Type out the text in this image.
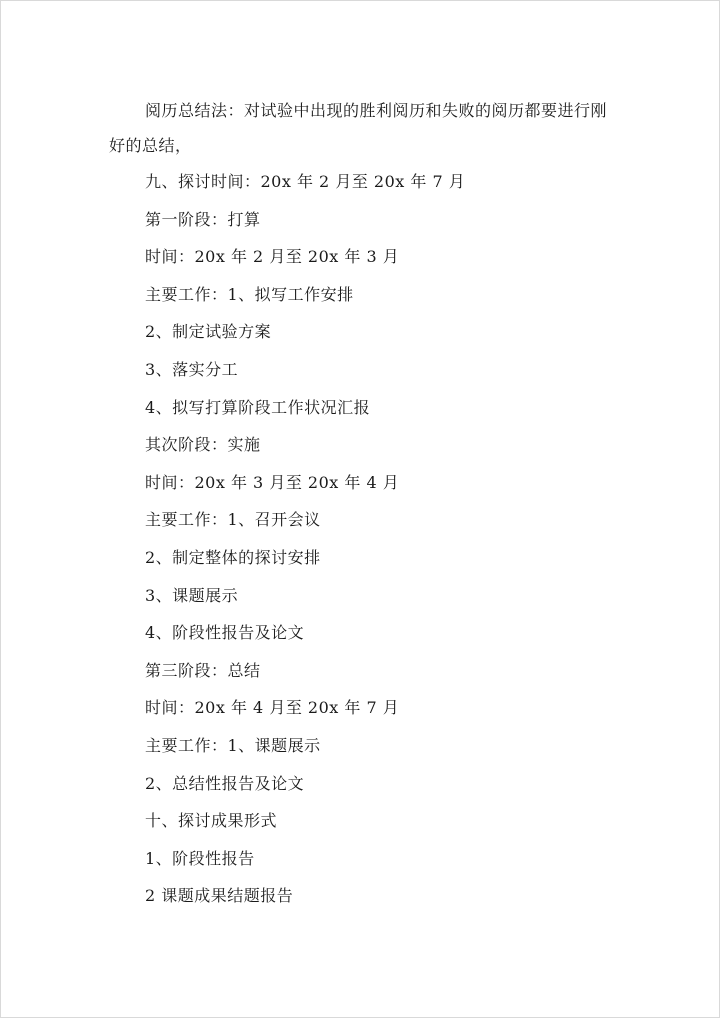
阅历总结法：对试验中出现的胜利阅历和失败的阅历都要进行刚好的总结，

九、探讨时间：20x 年 2 月至 20x 年 7 月

第一阶段：打算

时间：20x 年 2 月至 20x 年 3 月

主要工作：1、拟写工作安排

2、制定试验方案

3、落实分工

4、拟写打算阶段工作状况汇报

其次阶段：实施

时间：20x 年 3 月至 20x 年 4 月

主要工作：1、召开会议

2、制定整体的探讨安排

3、课题展示

4、阶段性报告及论文

第三阶段：总结

时间：20x 年 4 月至 20x 年 7 月

主要工作：1、课题展示

2、总结性报告及论文

十、探讨成果形式

1、阶段性报告

2 课题成果结题报告
